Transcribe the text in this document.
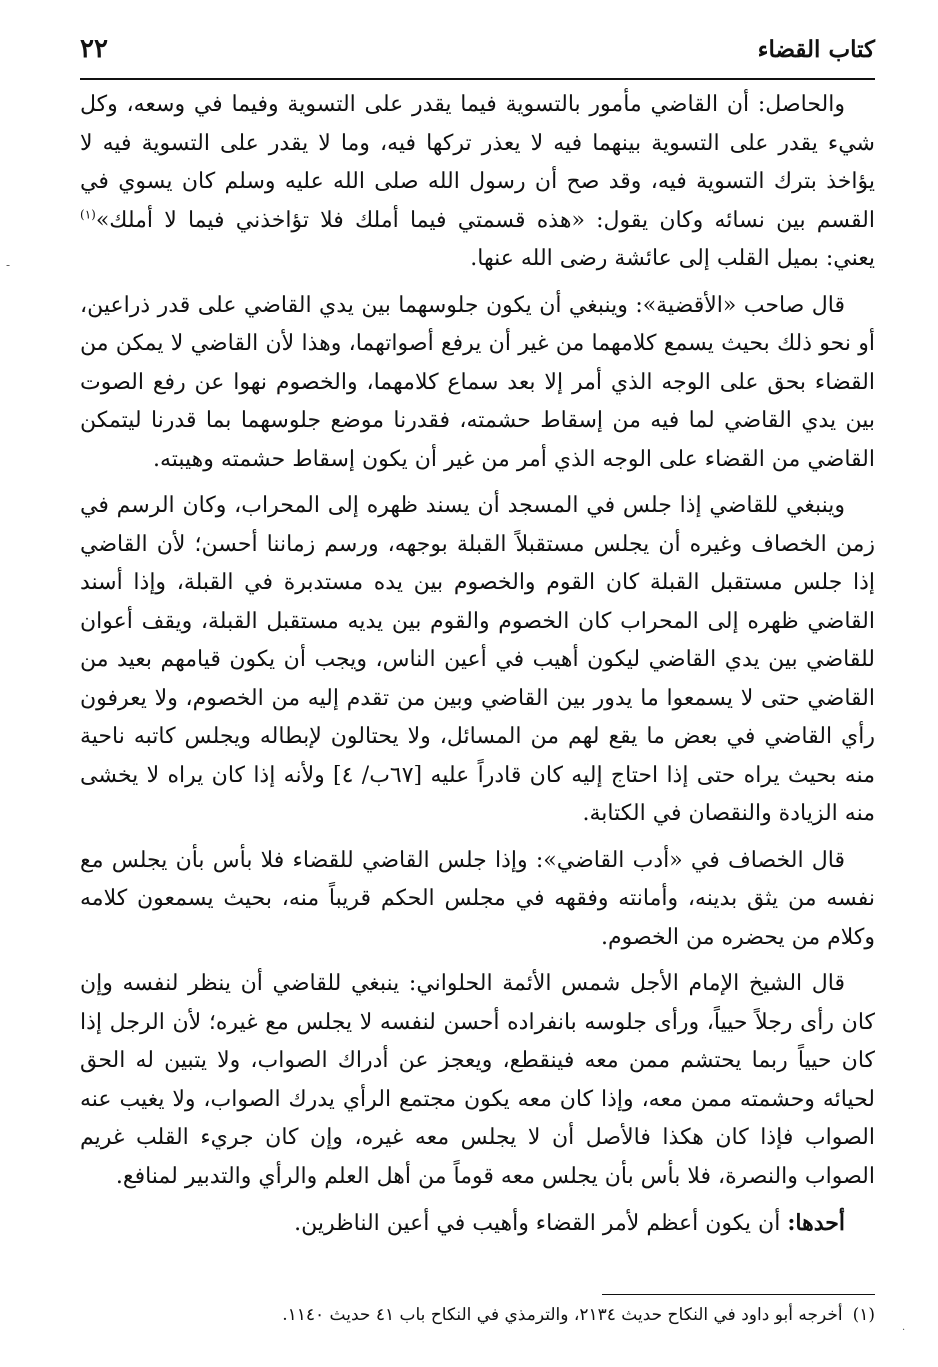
كتاب القضاء
٢٢

والحاصل: أن القاضي مأمور بالتسوية فيما يقدر على التسوية وفيما في وسعه، وكل شيء يقدر على التسوية بينهما فيه لا يعذر تركها فيه، وما لا يقدر على التسوية فيه لا يؤاخذ بترك التسوية فيه، وقد صح أن رسول الله صلى الله عليه وسلم كان يسوي في القسم بين نسائه وكان يقول: «هذه قسمتي فيما أملك فلا تؤاخذني فيما لا أملك»$^{(١)}$ يعني: بميل القلب إلى عائشة رضى الله عنها.

قال صاحب «الأقضية»: وينبغي أن يكون جلوسهما بين يدي القاضي على قدر ذراعين، أو نحو ذلك بحيث يسمع كلامهما من غير أن يرفع أصواتهما، وهذا لأن القاضي لا يمكن من القضاء بحق على الوجه الذي أمر إلا بعد سماع كلامهما، والخصوم نهوا عن رفع الصوت بين يدي القاضي لما فيه من إسقاط حشمته، فقدرنا موضع جلوسهما بما قدرنا ليتمكن القاضي من القضاء على الوجه الذي أمر من غير أن يكون إسقاط حشمته وهيبته.

وينبغي للقاضي إذا جلس في المسجد أن يسند ظهره إلى المحراب، وكان الرسم في زمن الخصاف وغيره أن يجلس مستقبلاً القبلة بوجهه، ورسم زماننا أحسن؛ لأن القاضي إذا جلس مستقبل القبلة كان القوم والخصوم بين يده مستدبرة في القبلة، وإذا أسند القاضي ظهره إلى المحراب كان الخصوم والقوم بين يديه مستقبل القبلة، ويقف أعوان للقاضي بين يدي القاضي ليكون أهيب في أعين الناس، ويجب أن يكون قيامهم بعيد من القاضي حتى لا يسمعوا ما يدور بين القاضي وبين من تقدم إليه من الخصوم، ولا يعرفون رأي القاضي في بعض ما يقع لهم من المسائل، ولا يحتالون لإبطاله ويجلس كاتبه ناحية منه بحيث يراه حتى إذا احتاج إليه كان قادراً عليه [٦٧ب/ ٤] ولأنه إذا كان يراه لا يخشى منه الزيادة والنقصان في الكتابة.

قال الخصاف في «أدب القاضي»: وإذا جلس القاضي للقضاء فلا بأس بأن يجلس مع نفسه من يثق بدينه، وأمانته وفقهه في مجلس الحكم قريباً منه، بحيث يسمعون كلامه وكلام من يحضره من الخصوم.

قال الشيخ الإمام الأجل شمس الأئمة الحلواني: ينبغي للقاضي أن ينظر لنفسه وإن كان رأى رجلاً حيياً، ورأى جلوسه بانفراده أحسن لنفسه لا يجلس مع غيره؛ لأن الرجل إذا كان حيياً ربما يحتشم ممن معه فينقطع، ويعجز عن أدراك الصواب، ولا يتبين له الحق لحيائه وحشمته ممن معه، وإذا كان معه يكون مجتمع الرأي يدرك الصواب، ولا يغيب عنه الصواب فإذا كان هكذا فالأصل أن لا يجلس معه غيره، وإن كان جريء القلب غريم الصواب والنصرة، فلا بأس بأن يجلس معه قوماً من أهل العلم والرأي والتدبير لمنافع.

أحدها: أن يكون أعظم لأمر القضاء وأهيب في أعين الناظرين.

(١)أخرجه أبو داود في النكاح حديث ٢١٣٤، والترمذي في النكاح باب ٤١ حديث ١١٤٠.
-
·
